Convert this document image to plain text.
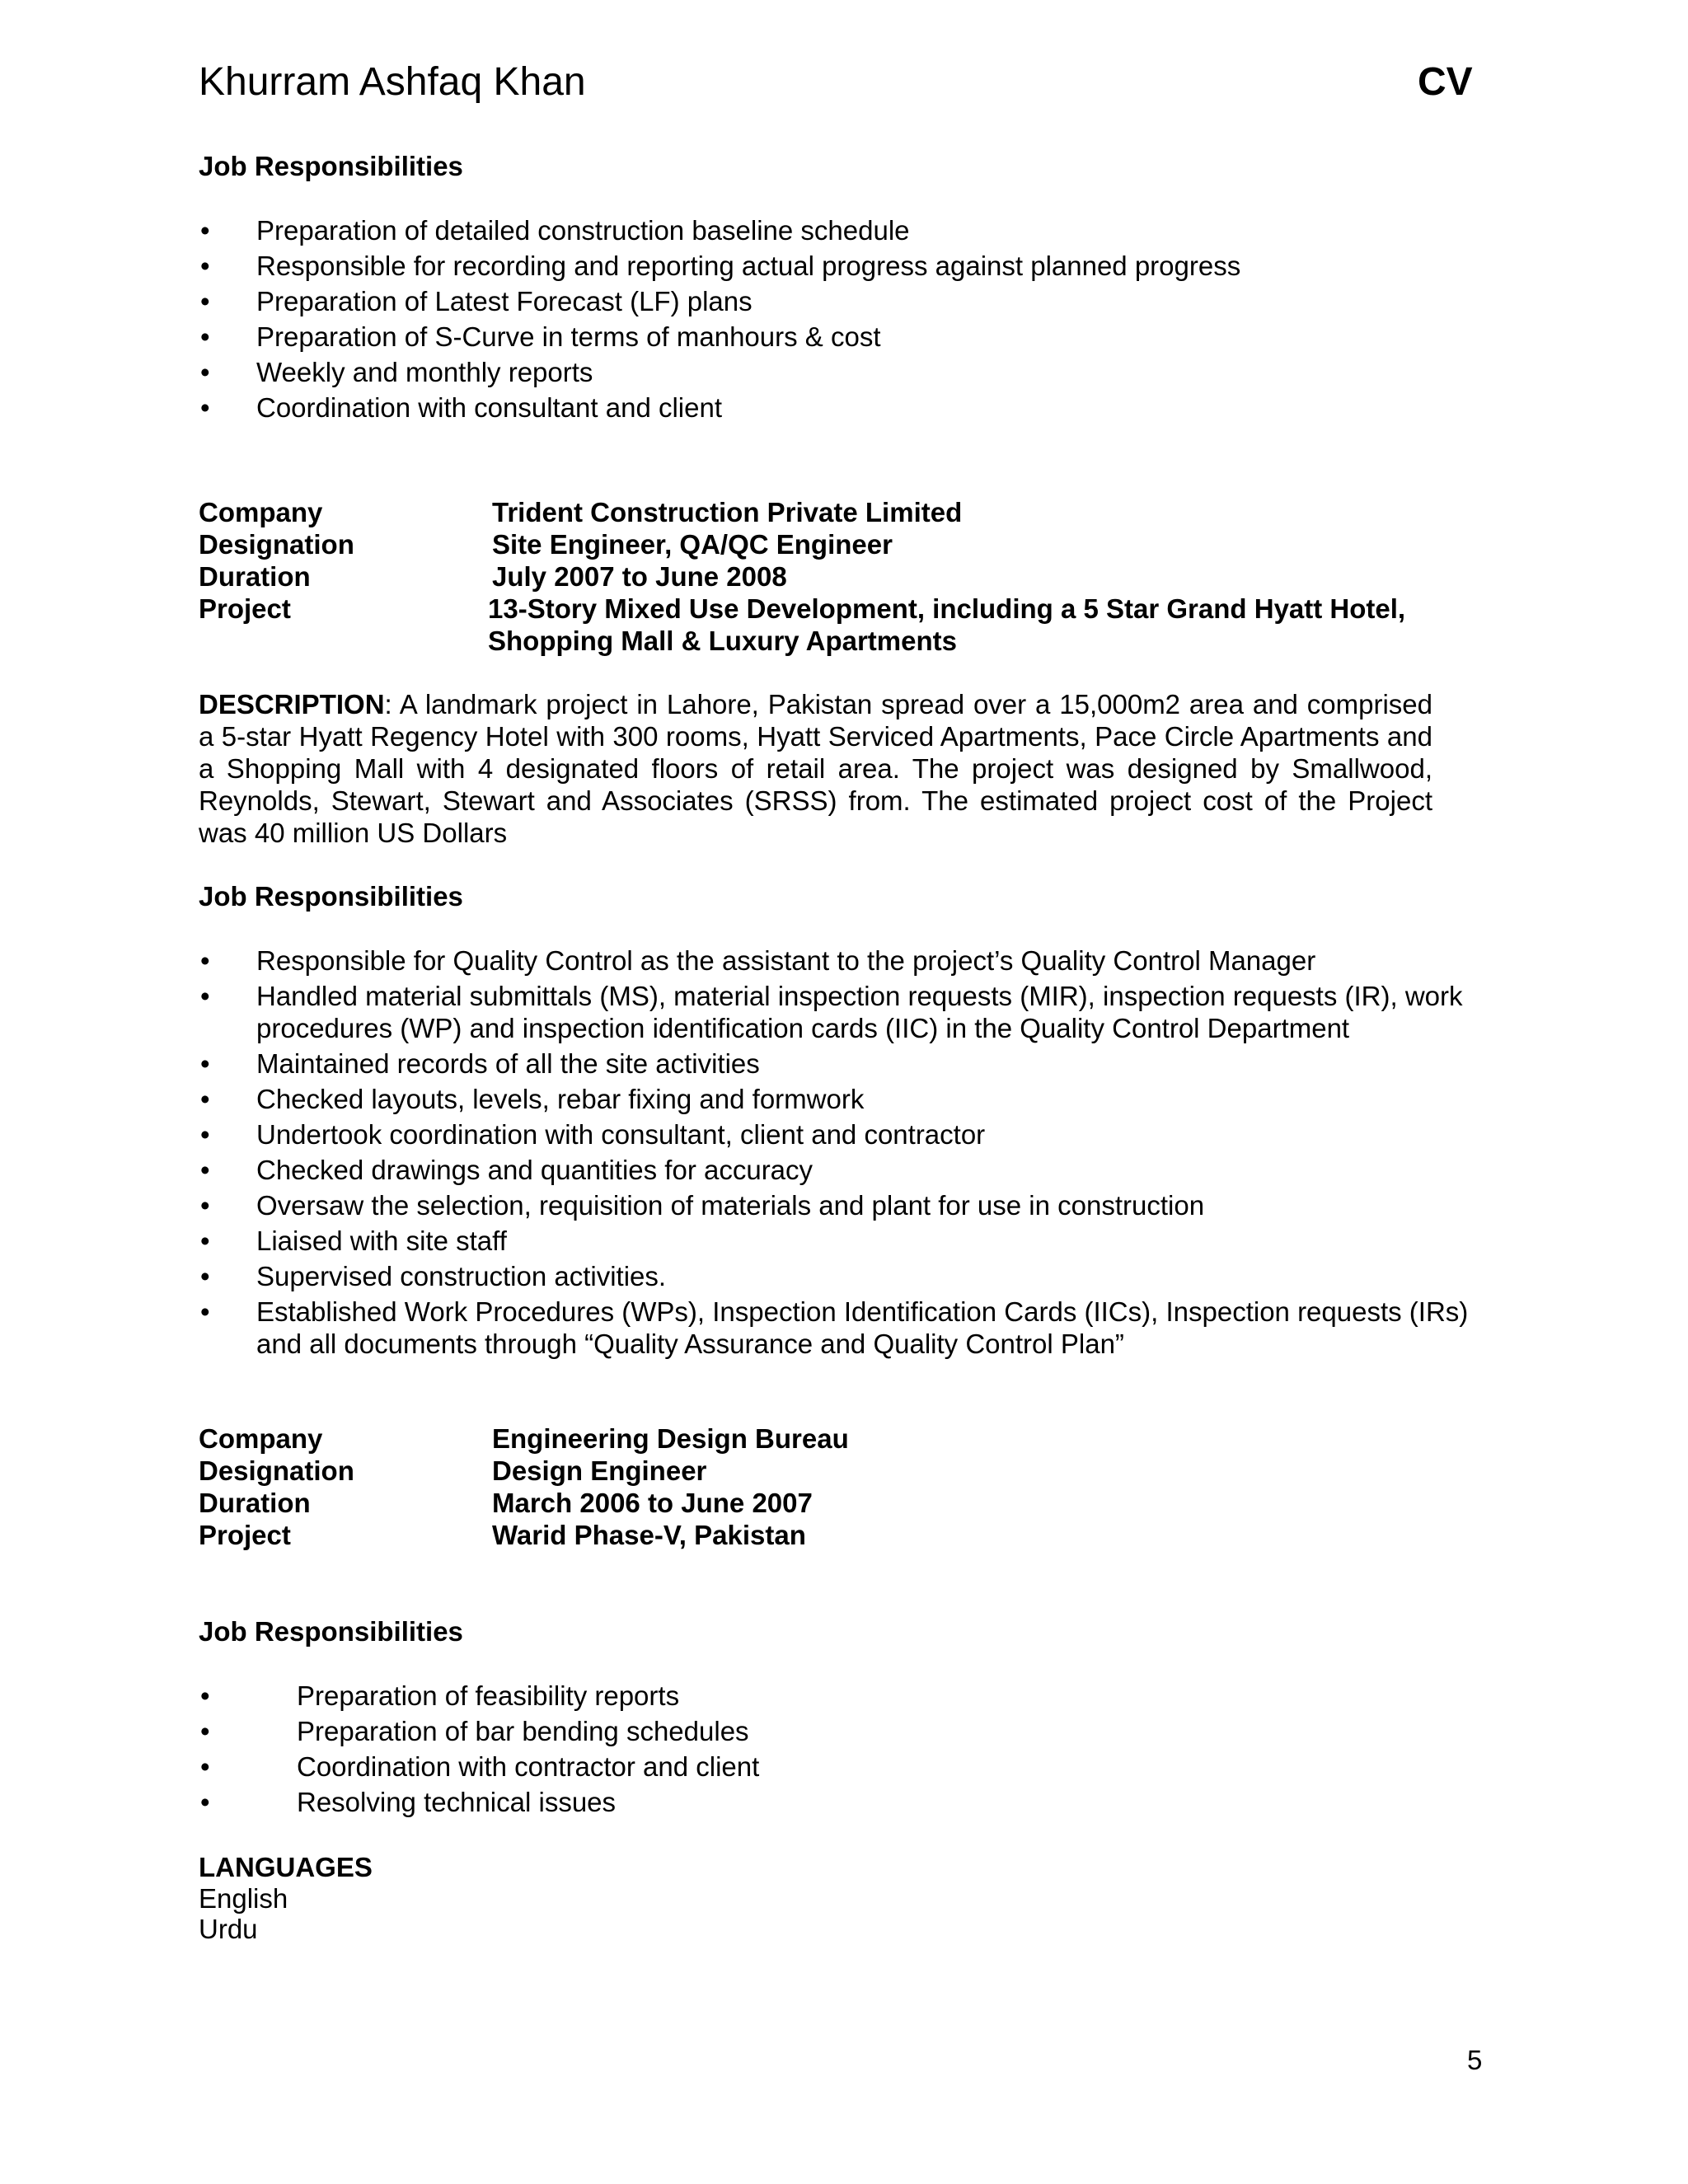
Khurram Ashfaq Khan	CV
Job Responsibilities
• Preparation of detailed construction baseline schedule
• Responsible for recording and reporting actual progress against planned progress
• Preparation of Latest Forecast (LF) plans
• Preparation of S-Curve in terms of manhours & cost
• Weekly and monthly reports
• Coordination with consultant and client
Company	Trident Construction Private Limited
Designation	Site Engineer, QA/QC Engineer
Duration	July 2007 to June 2008
Project	13-Story Mixed Use Development, including a 5 Star Grand Hyatt Hotel,
Shopping Mall & Luxury Apartments
DESCRIPTION: A landmark project in Lahore, Pakistan spread over a 15,000m2 area and comprised a 5-star Hyatt Regency Hotel with 300 rooms, Hyatt Serviced Apartments, Pace Circle Apartments and a Shopping Mall with 4 designated floors of retail area. The project was designed by Smallwood, Reynolds, Stewart, Stewart and Associates (SRSS) from. The estimated project cost of the Project was 40 million US Dollars
Job Responsibilities
• Responsible for Quality Control as the assistant to the project’s Quality Control Manager
• Handled material submittals (MS), material inspection requests (MIR), inspection requests (IR), work procedures (WP) and inspection identification cards (IIC) in the Quality Control Department
• Maintained records of all the site activities
• Checked layouts, levels, rebar fixing and formwork
• Undertook coordination with consultant, client and contractor
• Checked drawings and quantities for accuracy
• Oversaw the selection, requisition of materials and plant for use in construction
• Liaised with site staff
• Supervised construction activities.
• Established Work Procedures (WPs), Inspection Identification Cards (IICs), Inspection requests (IRs) and all documents through “Quality Assurance and Quality Control Plan”
Company	Engineering Design Bureau
Designation	Design Engineer
Duration	March 2006 to June 2007
Project	Warid Phase-V, Pakistan
Job Responsibilities
•	Preparation of feasibility reports
•	Preparation of bar bending schedules
•	Coordination with contractor and client
•	Resolving technical issues
LANGUAGES
English
Urdu
5
